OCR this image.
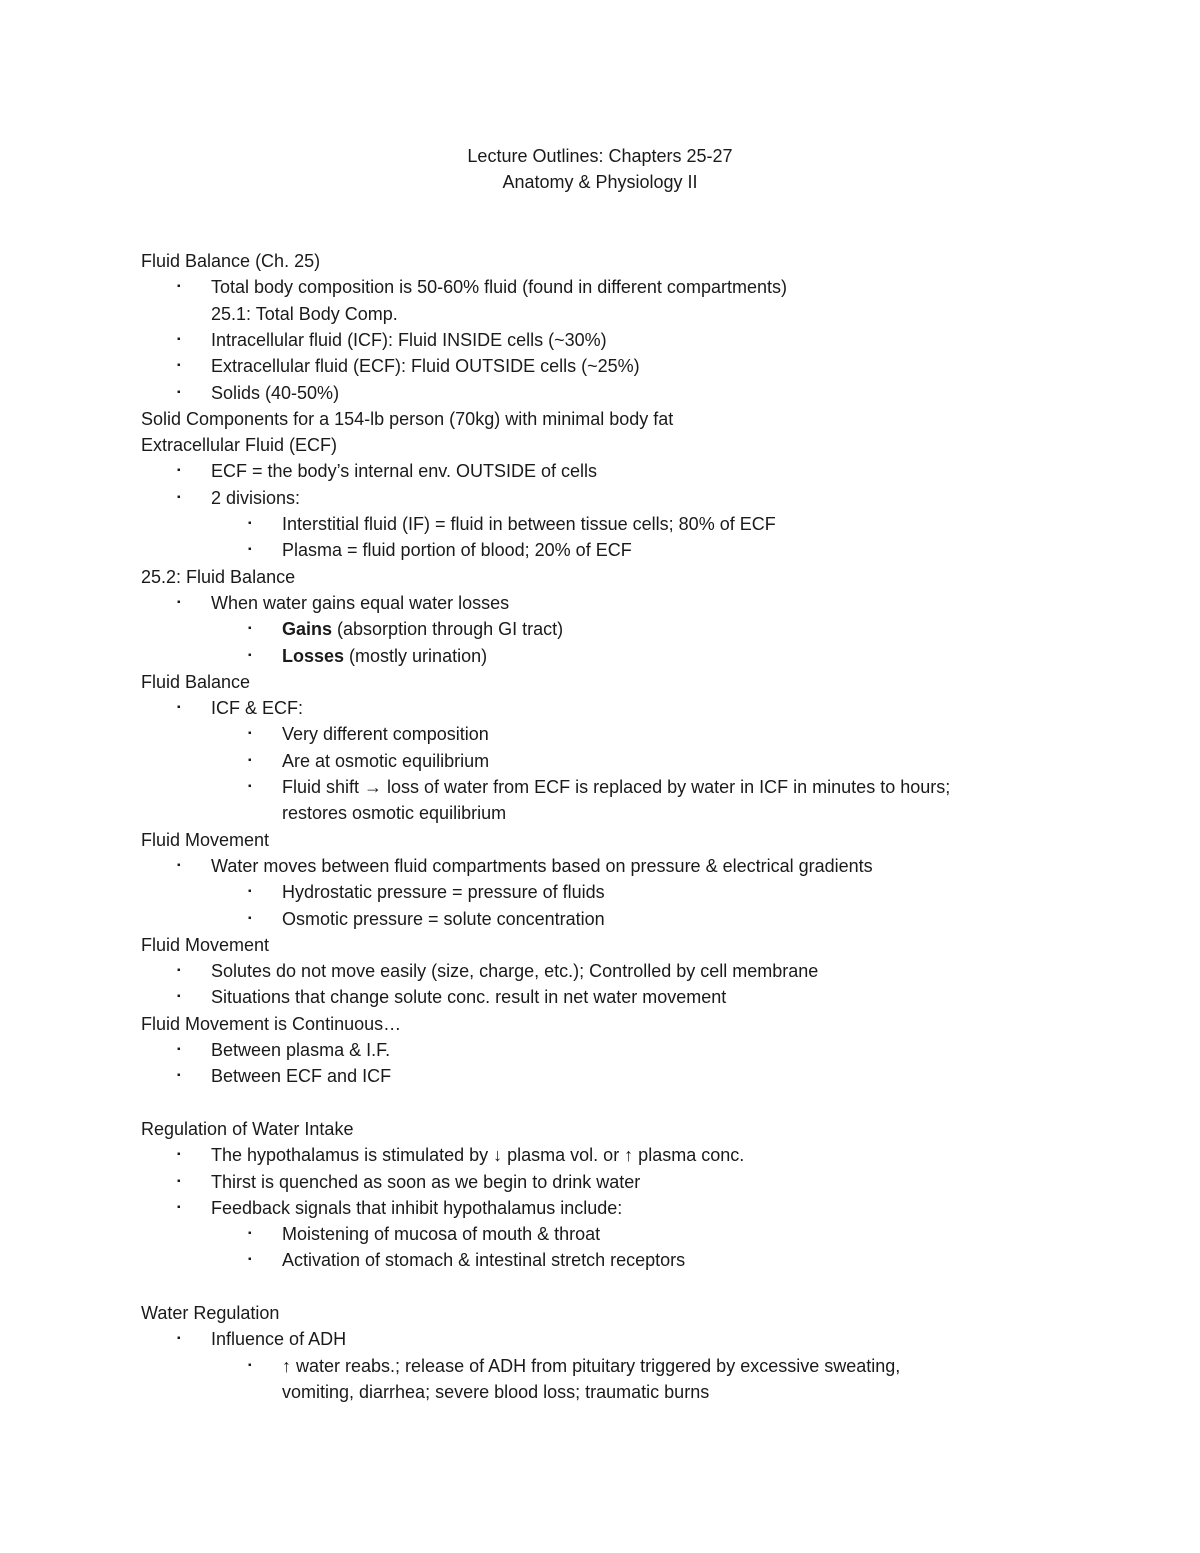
Lecture Outlines: Chapters 25-27
Anatomy & Physiology II
Fluid Balance (Ch. 25)
▪
Total body composition is 50-60% fluid (found in different compartments)
25.1: Total Body Comp.
▪
Intracellular fluid (ICF): Fluid INSIDE cells (~30%)
▪
Extracellular fluid (ECF): Fluid OUTSIDE cells (~25%)
▪
Solids (40-50%)
Solid Components for a 154-lb person (70kg) with minimal body fat
Extracellular Fluid (ECF)
▪
ECF = the body’s internal env. OUTSIDE of cells
▪
2 divisions:
▪
Interstitial fluid (IF) = fluid in between tissue cells; 80% of ECF
▪
Plasma = fluid portion of blood; 20% of ECF
25.2: Fluid Balance
▪
When water gains equal water losses
▪
Gains (absorption through GI tract)
▪
Losses (mostly urination)
Fluid Balance
▪
ICF & ECF:
▪
Very different composition
▪
Are at osmotic equilibrium
▪
Fluid shift → loss of water from ECF is replaced by water in ICF in minutes to hours;
restores osmotic equilibrium
Fluid Movement
▪
Water moves between fluid compartments based on pressure & electrical gradients
▪
Hydrostatic pressure = pressure of fluids
▪
Osmotic pressure = solute concentration
Fluid Movement
▪
Solutes do not move easily (size, charge, etc.); Controlled by cell membrane
▪
Situations that change solute conc. result in net water movement
Fluid Movement is Continuous…
▪
Between plasma & I.F.
▪
Between ECF and ICF
Regulation of Water Intake
▪
The hypothalamus is stimulated by ↓ plasma vol. or ↑ plasma conc.
▪
Thirst is quenched as soon as we begin to drink water
▪
Feedback signals that inhibit hypothalamus include:
▪
Moistening of mucosa of mouth & throat
▪
Activation of stomach & intestinal stretch receptors
Water Regulation
▪
Influence of ADH
▪
↑ water reabs.; release of ADH from pituitary triggered by excessive sweating,
vomiting, diarrhea; severe blood loss; traumatic burns
